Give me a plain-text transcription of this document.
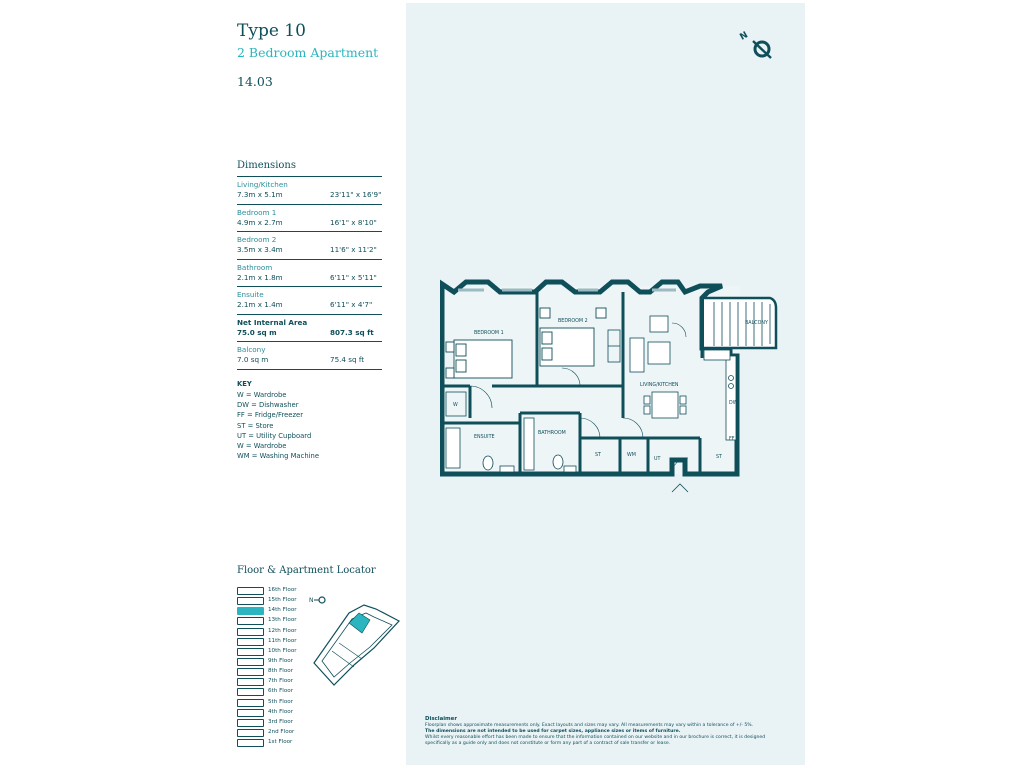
Type 10
2 Bedroom Apartment
14.03
Dimensions
Living/Kitchen
7.3m x 5.1m	23'11" x 16'9"
Bedroom 1
4.9m x 2.7m	16'1" x 8'10"
Bedroom 2
3.5m x 3.4m	11'6" x 11'2"
Bathroom
2.1m x 1.8m	6'11" x 5'11"
Ensuite
2.1m x 1.4m	6'11" x 4'7"
Net Internal Area
75.0 sq m	807.3 sq ft
Balcony
7.0 sq m	75.4 sq ft
KEY
W = Wardrobe
DW = Dishwasher
FF = Fridge/Freezer
ST = Store
UT = Utility Cupboard
W = Wardrobe
WM = Washing Machine
Floor & Apartment Locator
16th Floor
15th Floor
14th Floor
13th Floor
12th Floor
11th Floor
10th Floor
9th Floor
8th Floor
7th Floor
6th Floor
5th Floor
4th Floor
3rd Floor
2nd Floor
1st Floor
N
N
BEDROOM 1
BEDROOM 2
LIVING/KITCHEN
BALCONY
ENSUITE
BATHROOM
ST	WM
UT	ST
W	DW
FF
Disclaimer
Floorplan shows approximate measurements only. Exact layouts and sizes may vary. All measurements may vary within a tolerance of +/- 5%.
The dimensions are not intended to be used for carpet sizes, appliance sizes or items of furniture.
Whilst every reasonable effort has been made to ensure that the information contained on our website and in our brochure is correct, it is designed specifically as a guide only and does not constitute or form any part of a contract of sale transfer or lease.
